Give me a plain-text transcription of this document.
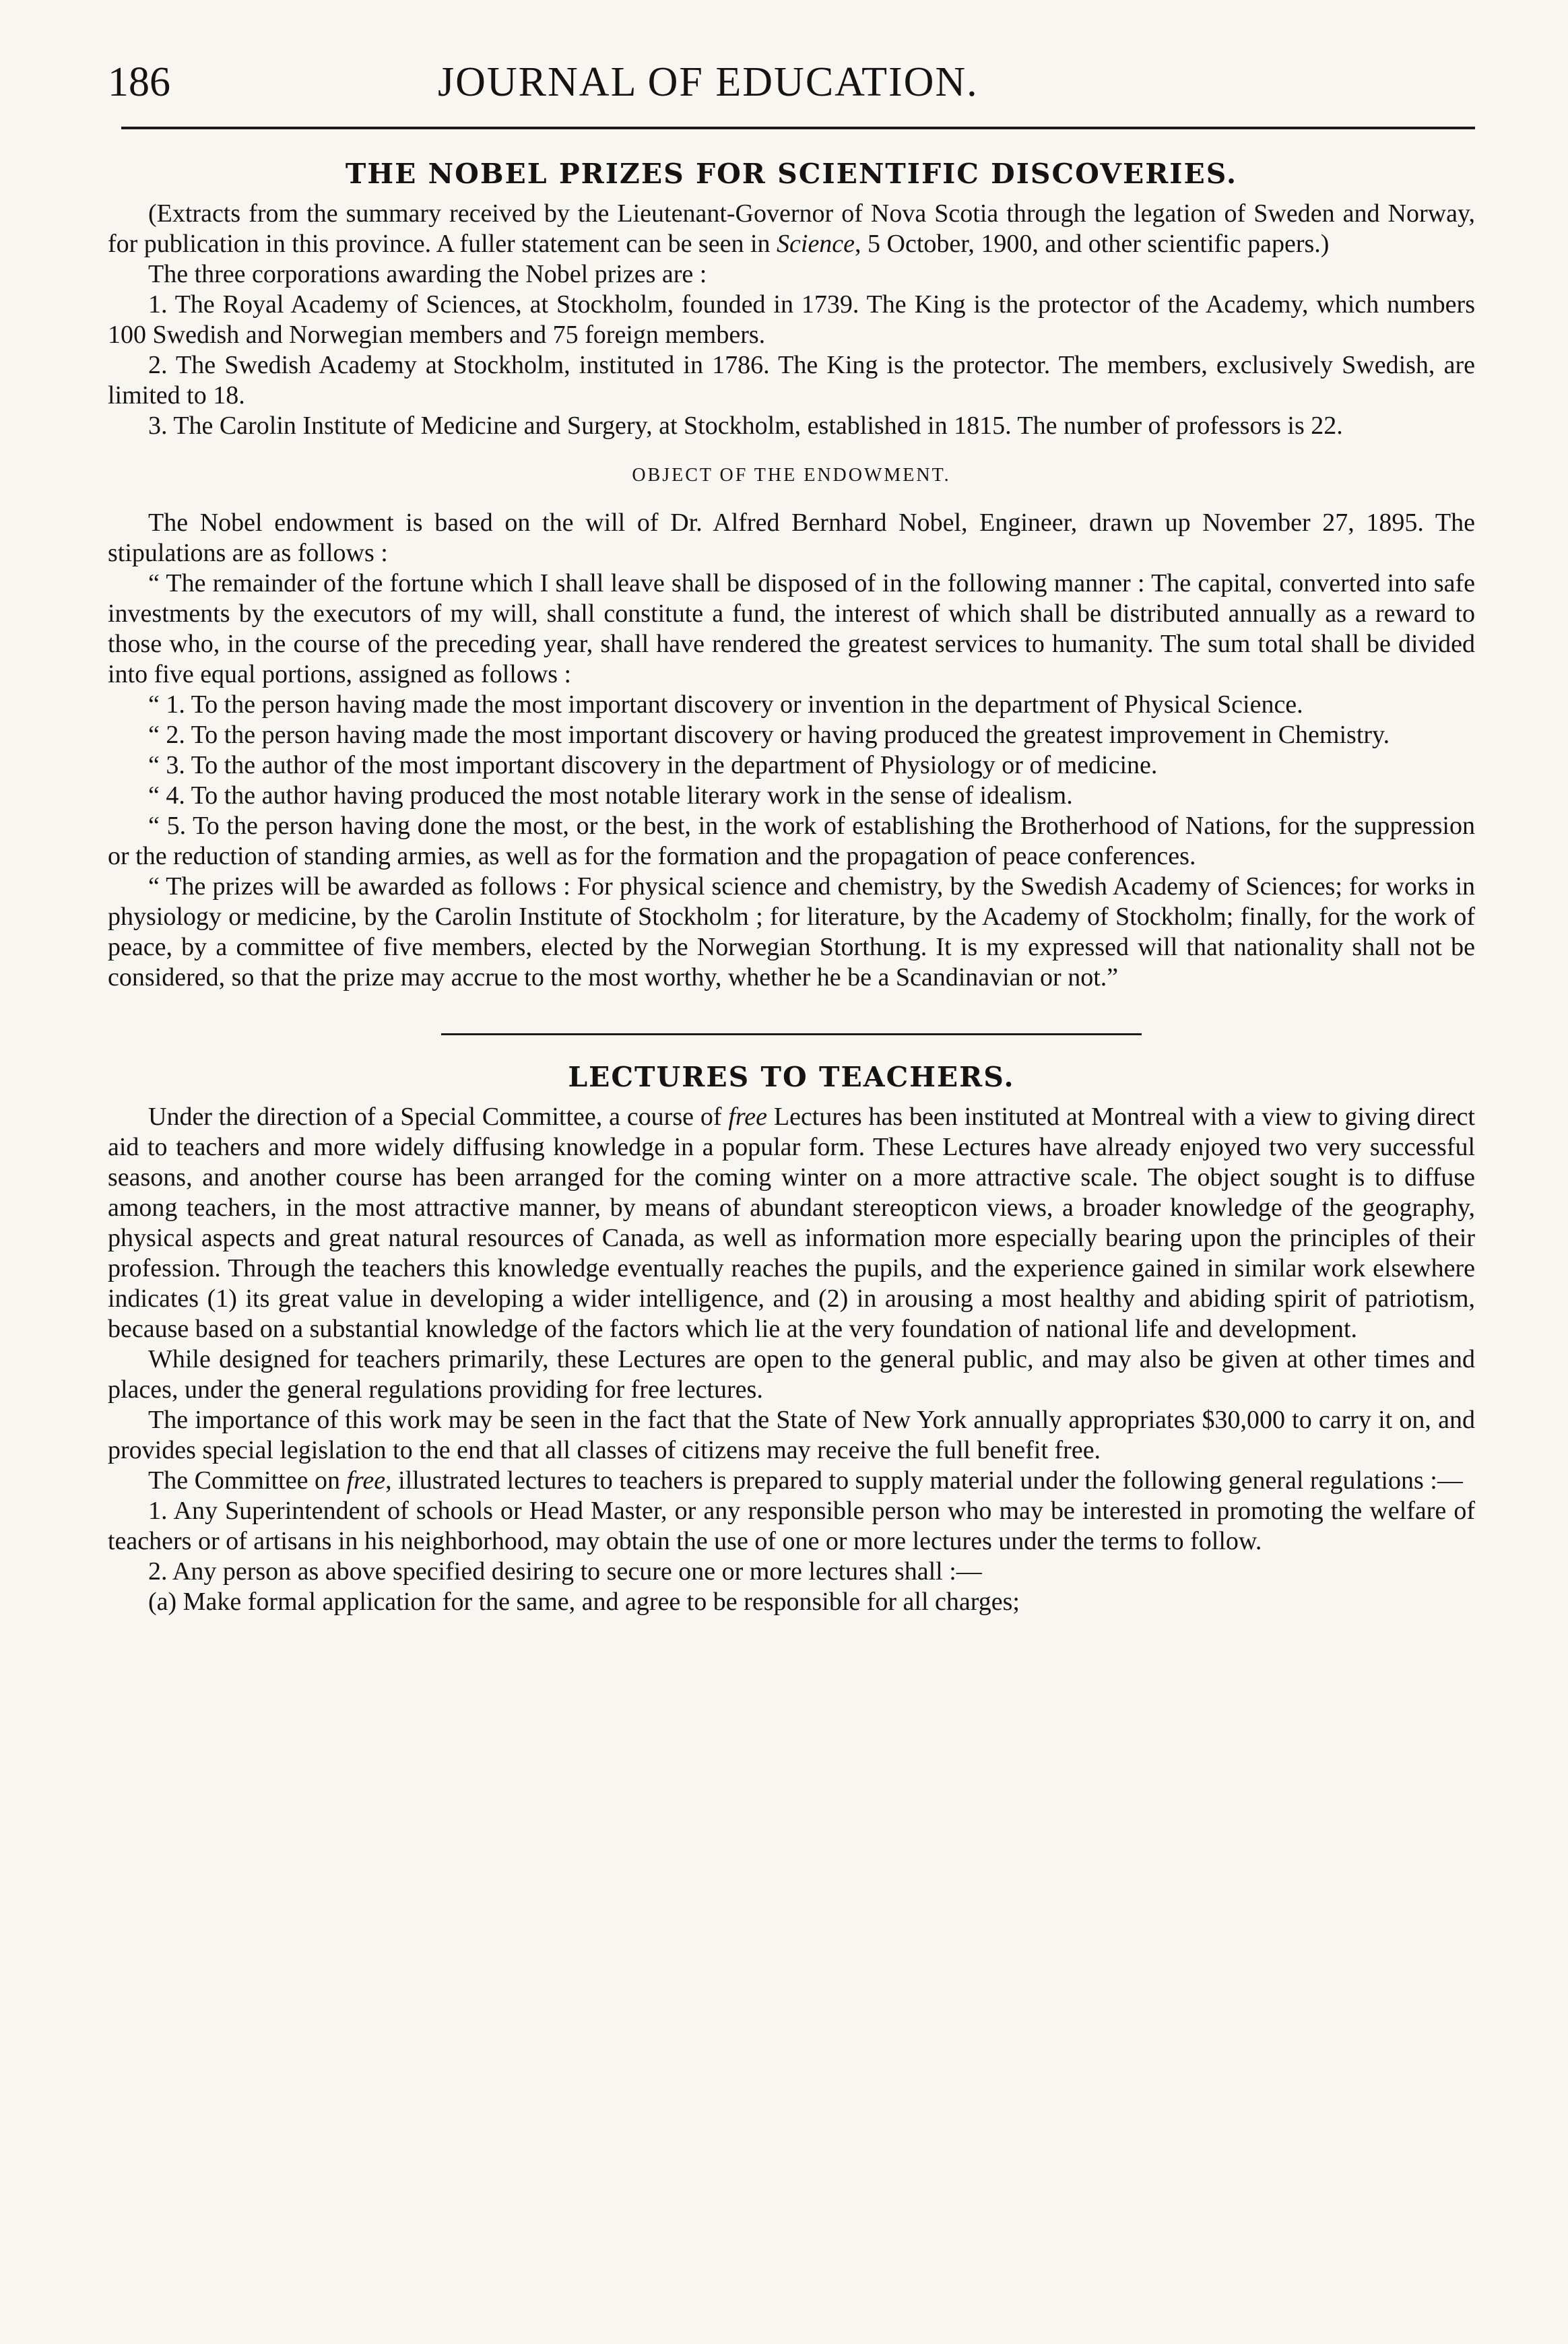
186	JOURNAL OF EDUCATION.
THE NOBEL PRIZES FOR SCIENTIFIC DISCOVERIES.

(Extracts from the summary received by the Lieutenant-Governor of Nova Scotia through the legation of Sweden and Norway, for publication in this province. A fuller statement can be seen in Science, 5 October, 1900, and other scientific papers.)

The three corporations awarding the Nobel prizes are :

1. The Royal Academy of Sciences, at Stockholm, founded in 1739. The King is the protector of the Academy, which numbers 100 Swedish and Norwegian members and 75 foreign members.

2. The Swedish Academy at Stockholm, instituted in 1786. The King is the protector. The members, exclusively Swedish, are limited to 18.

3. The Carolin Institute of Medicine and Surgery, at Stockholm, established in 1815. The number of professors is 22.

OBJECT OF THE ENDOWMENT.

The Nobel endowment is based on the will of Dr. Alfred Bernhard Nobel, Engineer, drawn up November 27, 1895. The stipulations are as follows :

“ The remainder of the fortune which I shall leave shall be disposed of in the following manner : The capital, converted into safe investments by the executors of my will, shall constitute a fund, the interest of which shall be distributed annually as a reward to those who, in the course of the preceding year, shall have rendered the greatest services to humanity. The sum total shall be divided into five equal portions, assigned as follows :

“ 1. To the person having made the most important discovery or invention in the department of Physical Science.

“ 2. To the person having made the most important discovery or having produced the greatest improvement in Chemistry.

“ 3. To the author of the most important discovery in the department of Physiology or of medicine.

“ 4. To the author having produced the most notable literary work in the sense of idealism.

“ 5. To the person having done the most, or the best, in the work of establishing the Brotherhood of Nations, for the suppression or the reduction of standing armies, as well as for the formation and the propagation of peace conferences.

“ The prizes will be awarded as follows : For physical science and chemistry, by the Swedish Academy of Sciences; for works in physiology or medicine, by the Carolin Institute of Stockholm ; for literature, by the Academy of Stockholm; finally, for the work of peace, by a committee of five members, elected by the Norwegian Storthung. It is my expressed will that nationality shall not be considered, so that the prize may accrue to the most worthy, whether he be a Scandinavian or not.”

LECTURES TO TEACHERS.

Under the direction of a Special Committee, a course of free Lectures has been instituted at Montreal with a view to giving direct aid to teachers and more widely diffusing knowledge in a popular form. These Lectures have already enjoyed two very successful seasons, and another course has been arranged for the coming winter on a more attractive scale. The object sought is to diffuse among teachers, in the most attractive manner, by means of abundant stereopticon views, a broader knowledge of the geography, physical aspects and great natural resources of Canada, as well as information more especially bearing upon the principles of their profession. Through the teachers this knowledge eventually reaches the pupils, and the experience gained in similar work elsewhere indicates (1) its great value in developing a wider intelligence, and (2) in arousing a most healthy and abiding spirit of patriotism, because based on a substantial knowledge of the factors which lie at the very foundation of national life and development.

While designed for teachers primarily, these Lectures are open to the general public, and may also be given at other times and places, under the general regulations providing for free lectures.

The importance of this work may be seen in the fact that the State of New York annually appropriates $30,000 to carry it on, and provides special legislation to the end that all classes of citizens may receive the full benefit free.

The Committee on free, illustrated lectures to teachers is prepared to supply material under the following general regulations :—

1. Any Superintendent of schools or Head Master, or any responsible person who may be interested in promoting the welfare of teachers or of artisans in his neighborhood, may obtain the use of one or more lectures under the terms to follow.

2. Any person as above specified desiring to secure one or more lectures shall :—

(a) Make formal application for the same, and agree to be responsible for all charges;
